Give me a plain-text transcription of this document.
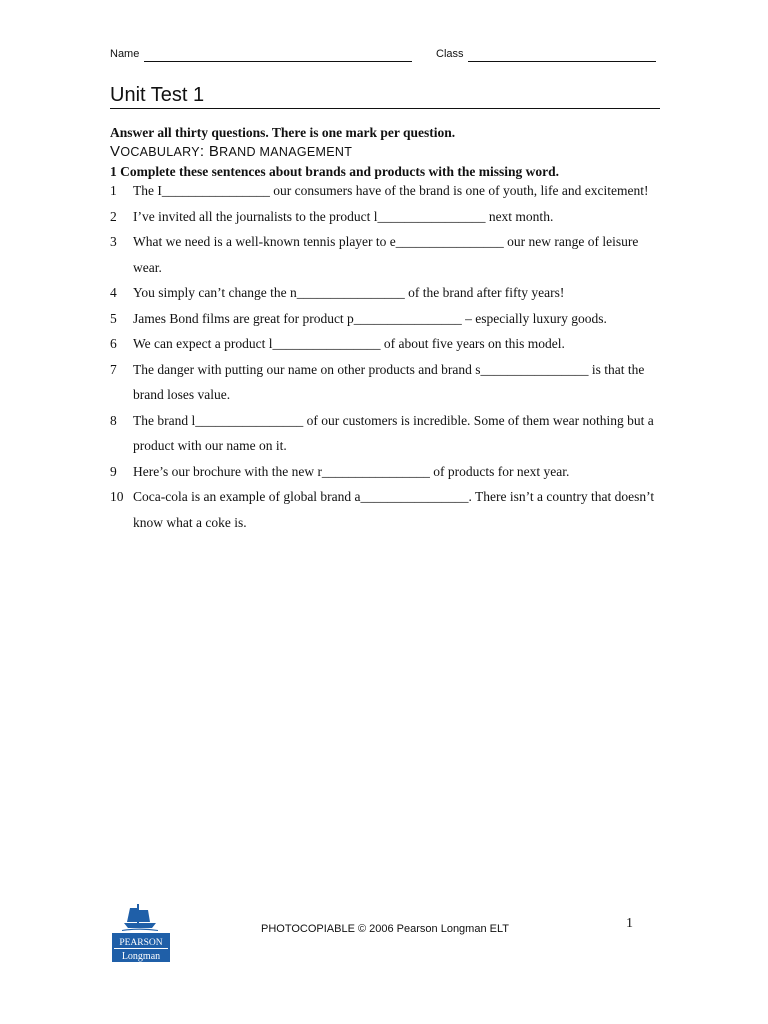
Name	Class
Unit Test 1
Answer all thirty questions. There is one mark per question.
VOCABULARY: BRAND MANAGEMENT
1 Complete these sentences about brands and products with the missing word.
1 The I________________ our consumers have of the brand is one of youth, life and excitement!
2 I’ve invited all the journalists to the product l________________ next month.
3 What we need is a well-known tennis player to e________________ our new range of leisure wear.
4 You simply can’t change the n________________ of the brand after fifty years!
5 James Bond films are great for product p________________ – especially luxury goods.
6 We can expect a product l________________ of about five years on this model.
7 The danger with putting our name on other products and brand s________________ is that the brand loses value.
8 The brand l________________ of our customers is incredible. Some of them wear nothing but a product with our name on it.
9 Here’s our brochure with the new r________________ of products for next year.
10 Coca-cola is an example of global brand a________________. There isn’t a country that doesn’t know what a coke is.
PEARSON
Longman
PHOTOCOPIABLE © 2006 Pearson Longman ELT	1
